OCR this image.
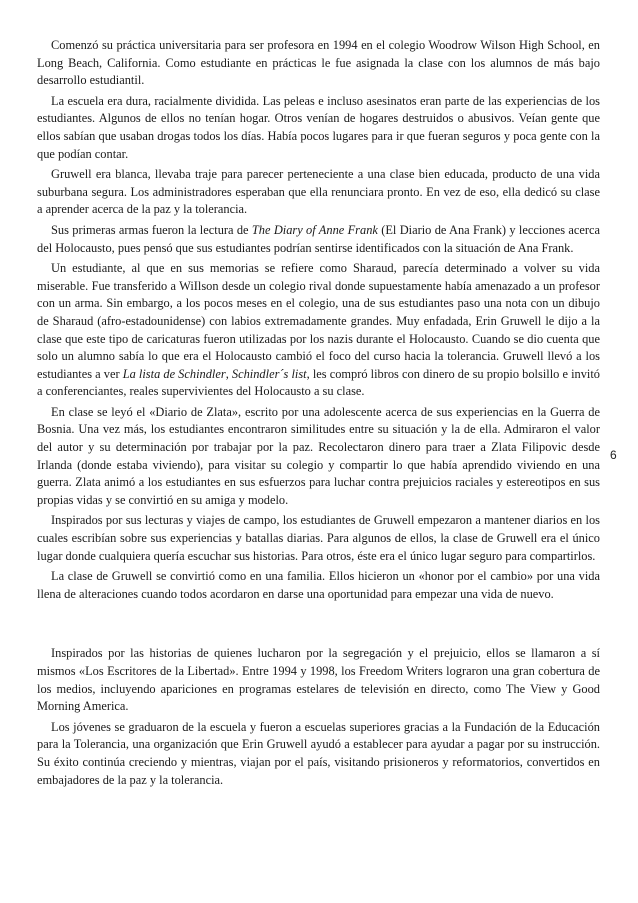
Comenzó su práctica universitaria para ser profesora en 1994 en el colegio Woodrow Wilson High School, en Long Beach, California. Como estudiante en prácticas le fue asignada la clase con los alumnos de más bajo desarrollo estudiantil.

La escuela era dura, racialmente dividida. Las peleas e incluso asesinatos eran parte de las experiencias de los estudiantes. Algunos de ellos no tenían hogar. Otros venían de hogares destruidos o abusivos. Veían gente que ellos sabían que usaban drogas todos los días. Había pocos lugares para ir que fueran seguros y poca gente con la que podían contar.

Gruwell era blanca, llevaba traje para parecer perteneciente a una clase bien educada, producto de una vida suburbana segura. Los administradores esperaban que ella renunciara pronto. En vez de eso, ella dedicó su clase a aprender acerca de la paz y la tolerancia.

Sus primeras armas fueron la lectura de The Diary of Anne Frank (El Diario de Ana Frank) y lecciones acerca del Holocausto, pues pensó que sus estudiantes podrían sentirse identificados con la situación de Ana Frank.

Un estudiante, al que en sus memorias se refiere como Sharaud, parecía determinado a volver su vida miserable. Fue transferido a WiIlson desde un colegio rival donde supuestamente había amenazado a un profesor con un arma. Sin embargo, a los pocos meses en el colegio, una de sus estudiantes paso una nota con un dibujo de Sharaud (afro-estadounidense) con labios extremadamente grandes. Muy enfadada, Erin Gruwell le dijo a la clase que este tipo de caricaturas fueron utilizadas por los nazis durante el Holocausto. Cuando se dio cuenta que solo un alumno sabía lo que era el Holocausto cambió el foco del curso hacia la tolerancia. Gruwell llevó a los estudiantes a ver La lista de Schindler, Schindler´s list, les compró libros con dinero de su propio bolsillo e invitó a conferenciantes, reales supervivientes del Holocausto a su clase.

En clase se leyó el «Diario de Zlata», escrito por una adolescente acerca de sus experiencias en la Guerra de Bosnia. Una vez más, los estudiantes encontraron similitudes entre su situación y la de ella. Admiraron el valor del autor y su determinación por trabajar por la paz. Recolectaron dinero para traer a Zlata Filipovic desde Irlanda (donde estaba viviendo), para visitar su colegio y compartir lo que había aprendido viviendo en una guerra. Zlata animó a los estudiantes en sus esfuerzos para luchar contra prejuicios raciales y estereotipos en sus propias vidas y se convirtió en su amiga y modelo.

Inspirados por sus lecturas y viajes de campo, los estudiantes de Gruwell empezaron a mantener diarios en los cuales escribían sobre sus experiencias y batallas diarias. Para algunos de ellos, la clase de Gruwell era el único lugar donde cualquiera quería escuchar sus historias. Para otros, éste era el único lugar seguro para compartirlos.

La clase de Gruwell se convirtió como en una familia. Ellos hicieron un «honor por el cambio» por una vida llena de alteraciones cuando todos acordaron en darse una oportunidad para empezar una vida de nuevo.

Inspirados por las historias de quienes lucharon por la segregación y el prejuicio, ellos se llamaron a sí mismos «Los Escritores de la Libertad». Entre 1994 y 1998, los Freedom Writers lograron una gran cobertura de los medios, incluyendo apariciones en programas estelares de televisión en directo, como The View y Good Morning America.

Los jóvenes se graduaron de la escuela y fueron a escuelas superiores gracias a la Fundación de la Educación para la Tolerancia, una organización que Erin Gruwell ayudó a establecer para ayudar a pagar por su instrucción. Su éxito continúa creciendo y mientras, viajan por el país, visitando prisioneros y reformatorios, convertidos en embajadores de la paz y la tolerancia.

6
